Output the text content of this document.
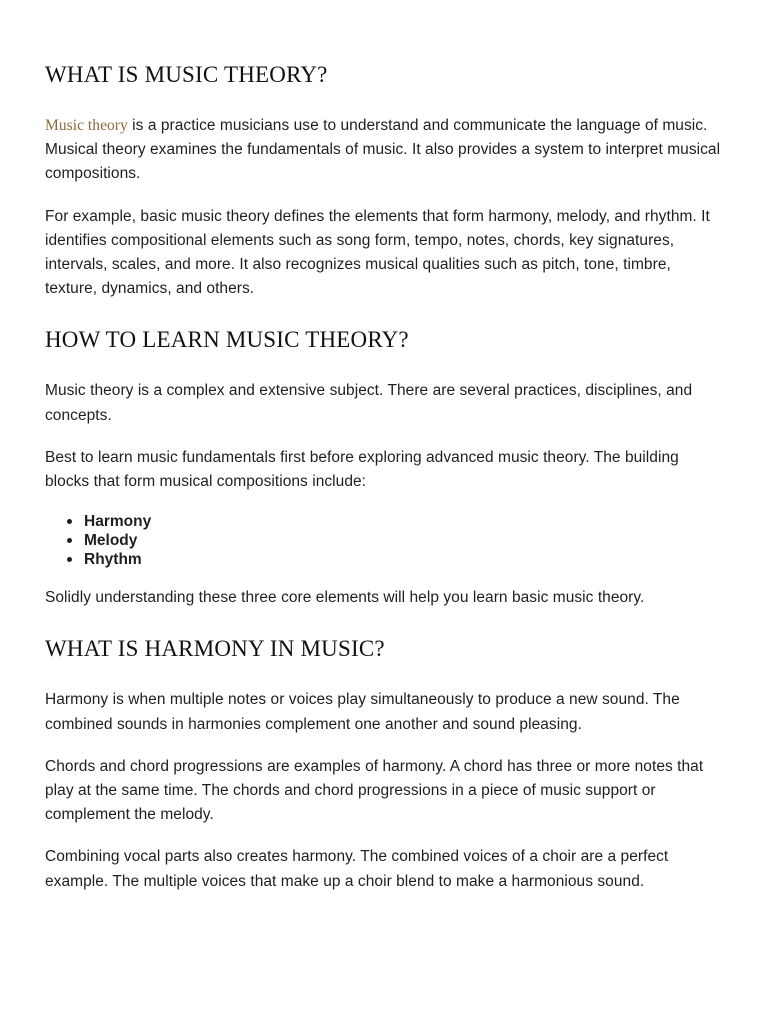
WHAT IS MUSIC THEORY?

Music theory is a practice musicians use to understand and communicate the language of music. Musical theory examines the fundamentals of music. It also provides a system to interpret musical compositions.

For example, basic music theory defines the elements that form harmony, melody, and rhythm. It identifies compositional elements such as song form, tempo, notes, chords, key signatures, intervals, scales, and more. It also recognizes musical qualities such as pitch, tone, timbre, texture, dynamics, and others.

HOW TO LEARN MUSIC THEORY?

Music theory is a complex and extensive subject. There are several practices, disciplines, and concepts.

Best to learn music fundamentals first before exploring advanced music theory. The building blocks that form musical compositions include:

Harmony
Melody
Rhythm

Solidly understanding these three core elements will help you learn basic music theory.

WHAT IS HARMONY IN MUSIC?

Harmony is when multiple notes or voices play simultaneously to produce a new sound. The combined sounds in harmonies complement one another and sound pleasing.

Chords and chord progressions are examples of harmony. A chord has three or more notes that play at the same time. The chords and chord progressions in a piece of music support or complement the melody.

Combining vocal parts also creates harmony. The combined voices of a choir are a perfect example. The multiple voices that make up a choir blend to make a harmonious sound.
